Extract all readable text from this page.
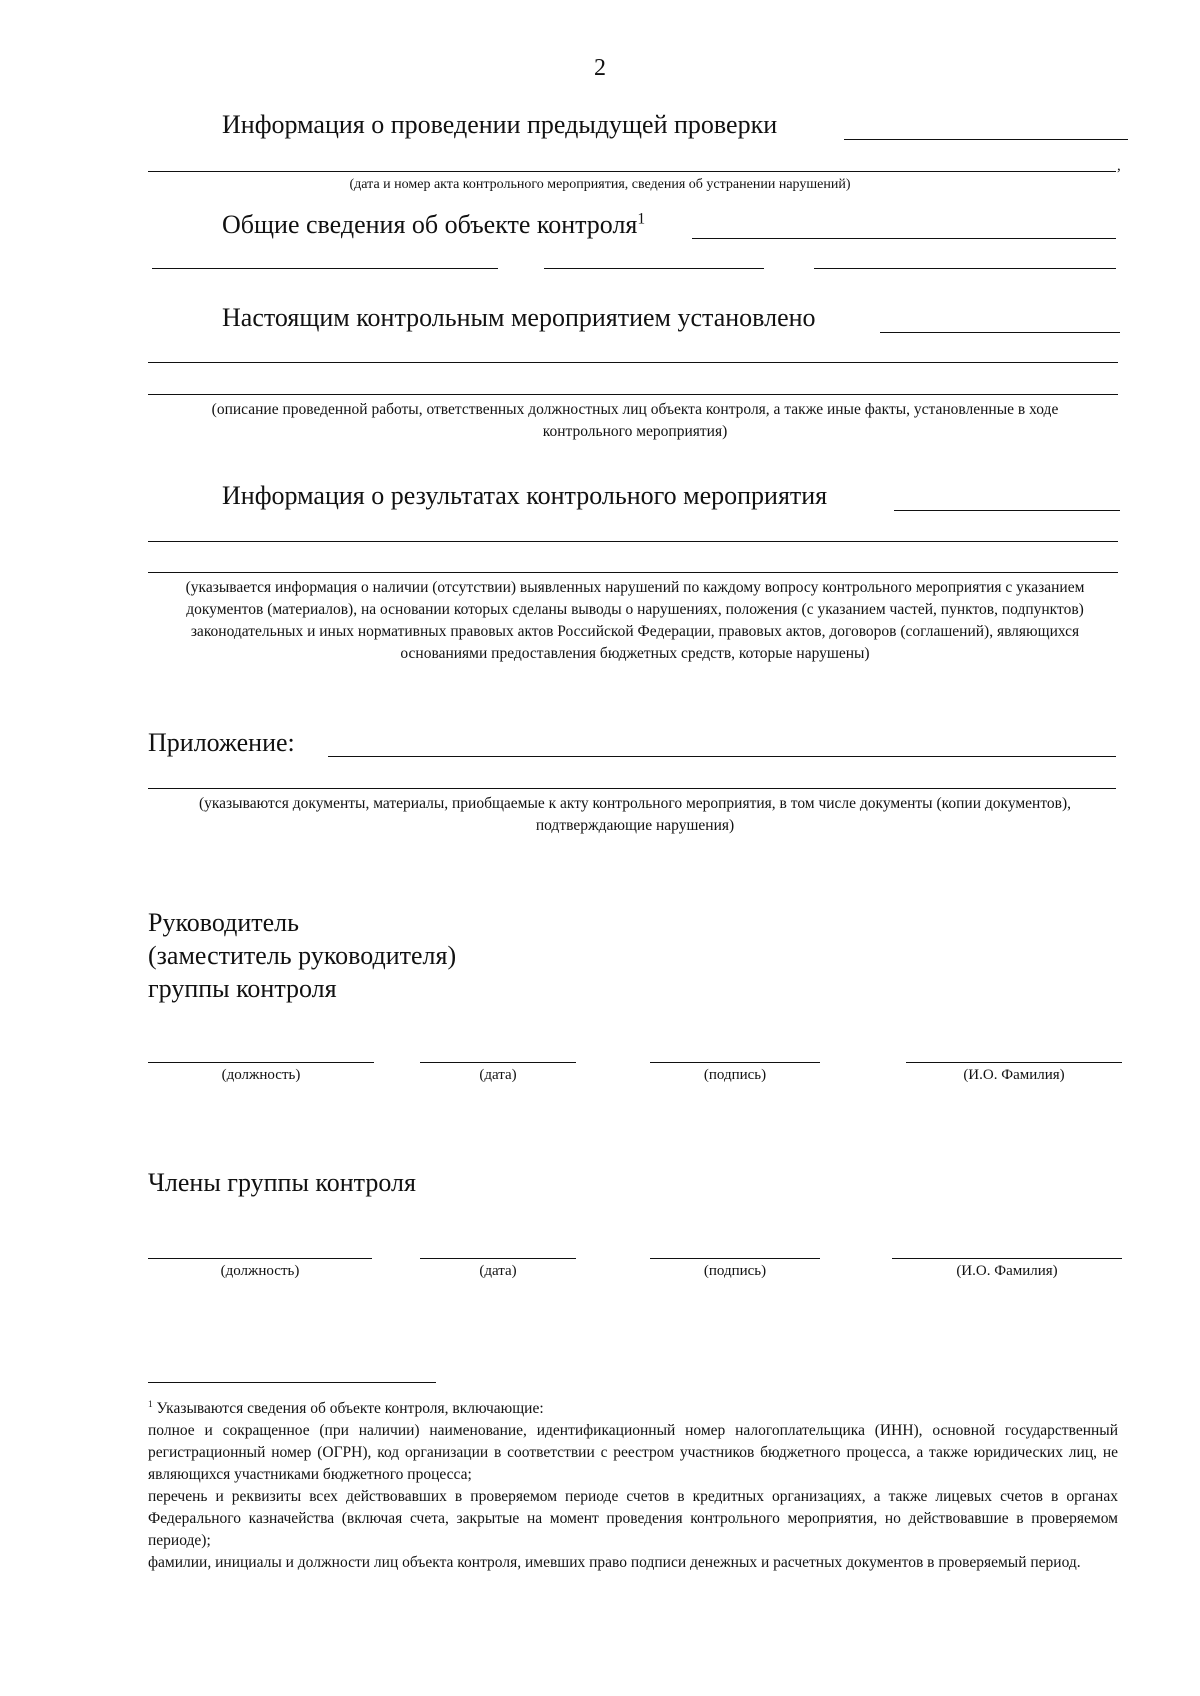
2
Информация о проведении предыдущей проверки
,
(дата и номер акта контрольного мероприятия, сведения об устранении нарушений)
Общие сведения об объекте контроля$^1$
Настоящим контрольным мероприятием установлено
(описание проведенной работы, ответственных должностных лиц объекта контроля, а также иные факты, установленные в ходе контрольного мероприятия)
Информация о результатах контрольного мероприятия
(указывается информация о наличии (отсутствии) выявленных нарушений по каждому вопросу контрольного мероприятия с указанием документов (материалов), на основании которых сделаны выводы о нарушениях, положения (с указанием частей, пунктов, подпунктов) законодательных и иных нормативных правовых актов Российской Федерации, правовых актов, договоров (соглашений), являющихся основаниями предоставления бюджетных средств, которые нарушены)
Приложение:
(указываются документы, материалы, приобщаемые к акту контрольного мероприятия, в том числе документы (копии документов), подтверждающие нарушения)
Руководитель
(заместитель руководителя)
группы контроля
(должность)	(дата)	(подпись)	(И.О. Фамилия)
Члены группы контроля
(должность)	(дата)	(подпись)	(И.О. Фамилия)
$^1$ Указываются сведения об объекте контроля, включающие:
полное и сокращенное (при наличии) наименование, идентификационный номер налогоплательщика (ИНН), основной государственный регистрационный номер (ОГРН), код организации в соответствии с реестром участников бюджетного процесса, а также юридических лиц, не являющихся участниками бюджетного процесса;
перечень и реквизиты всех действовавших в проверяемом периоде счетов в кредитных организациях, а также лицевых счетов в органах Федерального казначейства (включая счета, закрытые на момент проведения контрольного мероприятия, но действовавшие в проверяемом периоде);
фамилии, инициалы и должности лиц объекта контроля, имевших право подписи денежных и расчетных документов в проверяемый период.
